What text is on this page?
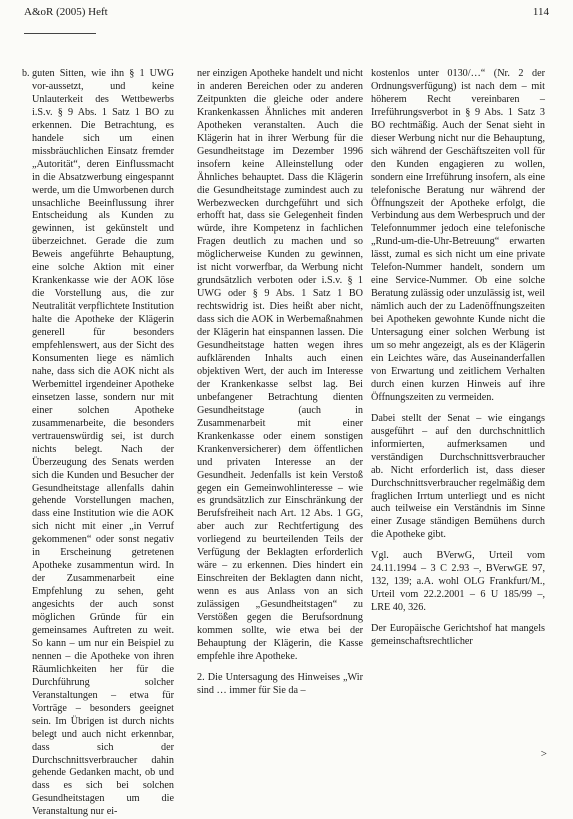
A&oR (2005) Heft	114
b. guten Sitten, wie ihn § 1 UWG vor-aussetzt, und keine Unlauterkeit des Wettbewerbs i.S.v. § 9 Abs. 1 Satz 1 BO zu erkennen. Die Betrachtung, es handele sich um einen missbräuchlichen Einsatz fremder „Autorität“, deren Einflussmacht in die Absatzwerbung eingespannt werde, um die Umworbenen durch unsachliche Beeinflussung ihrer Entscheidung als Kunden zu gewinnen, ist gekünstelt und überzeichnet. Gerade die zum Beweis angeführte Behauptung, eine solche Aktion mit einer Krankenkasse wie der AOK löse die Vorstellung aus, die zur Neutralität verpflichtete Institution halte die Apotheke der Klägerin generell für besonders empfehlenswert, aus der Sicht des Konsumenten liege es nämlich nahe, dass sich die AOK nicht als Werbemittel irgendeiner Apotheke einsetzen lasse, sondern nur mit einer solchen Apotheke zusammenarbeite, die besonders vertrauenswürdig sei, ist durch nichts belegt. Nach der Überzeugung des Senats werden sich die Kunden und Besucher der Gesundheitstage allenfalls dahin gehende Vorstellungen machen, dass eine Institution wie die AOK sich nicht mit einer „in Verruf gekommenen“ oder sonst negativ in Erscheinung getretenen Apotheke zusammentun wird. In der Zusammenarbeit eine Empfehlung zu sehen, geht angesichts der auch sonst möglichen Gründe für ein gemeinsames Auftreten zu weit. So kann – um nur ein Beispiel zu nennen – die Apotheke von ihren Räumlichkeiten her für die Durchführung solcher Veranstaltungen – etwa für Vorträge – besonders geeignet sein. Im Übrigen ist durch nichts belegt und auch nicht erkennbar, dass sich der Durchschnittsverbraucher dahin gehende Gedanken macht, ob und dass es sich bei solchen Gesundheitstagen um die Veranstaltung nur ei-

ner einzigen Apotheke handelt und nicht in anderen Bereichen oder zu anderen Zeitpunkten die gleiche oder andere Krankenkassen Ähnliches mit anderen Apotheken veranstalten. Auch die Klägerin hat in ihrer Werbung für die Gesundheitstage im Dezember 1996 insofern keine Alleinstellung oder Ähnliches behauptet. Dass die Klägerin die Gesundheitstage zumindest auch zu Werbezwecken durchgeführt und sich erhofft hat, dass sie Gelegenheit finden würde, ihre Kompetenz in fachlichen Fragen deutlich zu machen und so möglicherweise Kunden zu gewinnen, ist nicht vorwerfbar, da Werbung nicht grundsätzlich verboten oder i.S.v. § 1 UWG oder § 9 Abs. 1 Satz 1 BO rechtswidrig ist. Dies heißt aber nicht, dass sich die AOK in Werbemaßnahmen der Klägerin hat einspannen lassen. Die Gesundheitstage hatten wegen ihres aufklärenden Inhalts auch einen objektiven Wert, der auch im Interesse der Krankenkasse selbst lag. Bei unbefangener Betrachtung dienten Gesundheitstage (auch in Zusammenarbeit mit einer Krankenkasse oder einem sonstigen Krankenversicherer) dem öffentlichen und privaten Interesse an der Gesundheit. Jedenfalls ist kein Verstoß gegen ein Gemeinwohlinteresse – wie es grundsätzlich zur Einschränkung der Berufsfreiheit nach Art. 12 Abs. 1 GG, aber auch zur Rechtfertigung des vorliegend zu beurteilenden Teils der Verfügung der Beklagten erforderlich wäre – zu erkennen. Dies hindert ein Einschreiten der Beklagten dann nicht, wenn es aus Anlass von an sich zulässigen „Gesundheitstagen“ zu Verstößen gegen die Berufsordnung kommen sollte, wie etwa bei der Behauptung der Klägerin, die Kasse empfehle ihre Apotheke.

2. Die Untersagung des Hinweises „Wir sind … immer für Sie da –

kostenlos unter 0130/…“ (Nr. 2 der Ordnungsverfügung) ist nach dem – mit höherem Recht vereinbaren – Irreführungsverbot in § 9 Abs. 1 Satz 3 BO rechtmäßig. Auch der Senat sieht in dieser Werbung nicht nur die Behauptung, sich während der Geschäftszeiten voll für den Kunden engagieren zu wollen, sondern eine Irreführung insofern, als eine telefonische Beratung nur während der Öffnungszeit der Apotheke erfolgt, die Verbindung aus dem Werbespruch und der Telefonnummer jedoch eine telefonische „Rund-um-die-Uhr-Betreuung“ erwarten lässt, zumal es sich nicht um eine private Telefon-Nummer handelt, sondern um eine Service-Nummer. Ob eine solche Beratung zulässig oder unzulässig ist, weil nämlich auch der zu Ladenöffnungszeiten bei Apotheken gewohnte Kunde nicht die Untersagung einer solchen Werbung ist um so mehr angezeigt, als es der Klägerin ein Leichtes wäre, das Auseinanderfallen von Erwartung und zeitlichem Verhalten durch einen kurzen Hinweis auf ihre Öffnungszeiten zu vermeiden.

Dabei stellt der Senat – wie eingangs ausgeführt – auf den durchschnittlich informierten, aufmerksamen und verständigen Durchschnittsverbraucher ab. Nicht erforderlich ist, dass dieser Durchschnittsverbraucher regelmäßig dem fraglichen Irrtum unterliegt und es nicht auch teilweise ein Verständnis im Sinne einer Zusage ständigen Bemühens durch die Apotheke gibt.

Vgl. auch BVerwG, Urteil vom 24.11.1994 – 3 C 2.93 –, BVerwGE 97, 132, 139; a.A. wohl OLG Frankfurt/M., Urteil vom 22.2.2001 – 6 U 185/99 –, LRE 40, 326.

Der Europäische Gerichtshof hat mangels gemeinschaftsrechtlicher

>
